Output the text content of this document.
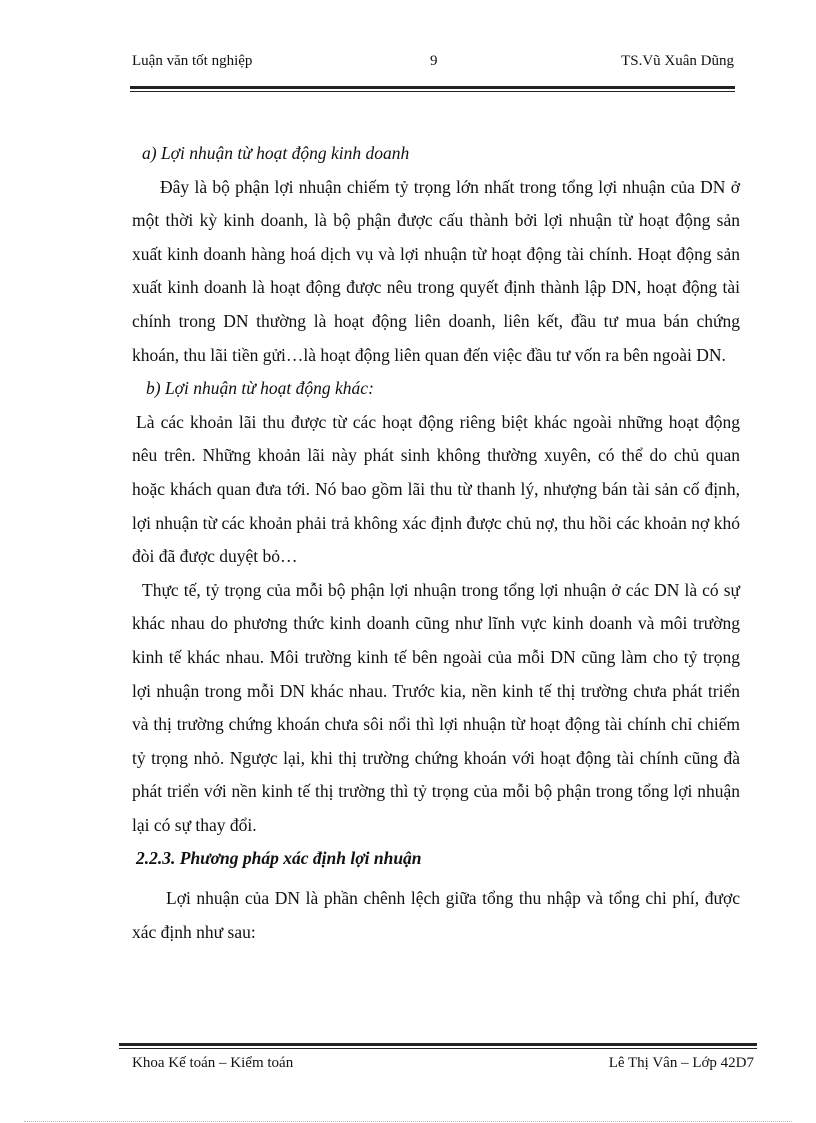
Luận văn tốt nghiệp	9	TS.Vũ Xuân Dũng

a) Lợi nhuận từ hoạt động kinh doanh

Đây là bộ phận lợi nhuận chiếm tỷ trọng lớn nhất trong tổng lợi nhuận của DN ở một thời kỳ kinh doanh, là bộ phận được cấu thành bởi lợi nhuận từ hoạt động sản xuất kinh doanh hàng hoá dịch vụ và lợi nhuận từ hoạt động tài chính. Hoạt động sản xuất kinh doanh là hoạt động được nêu trong quyết định thành lập DN, hoạt động tài chính trong DN thường là hoạt động liên doanh, liên kết, đầu tư mua bán chứng khoán, thu lãi tiền gửi…là hoạt động liên quan đến việc đầu tư vốn ra bên ngoài DN.

b) Lợi nhuận từ hoạt động khác:

Là các khoản lãi thu được từ các hoạt động riêng biệt khác ngoài những hoạt động nêu trên. Những khoản lãi này phát sinh không thường xuyên, có thể do chủ quan hoặc khách quan đưa tới. Nó bao gồm lãi thu từ thanh lý, nhượng bán tài sản cố định, lợi nhuận từ các khoản phải trả không xác định được chủ nợ, thu hồi các khoản nợ khó đòi đã được duyệt bỏ…

Thực tế, tỷ trọng của mỗi bộ phận lợi nhuận trong tổng lợi nhuận ở các DN là có sự khác nhau do phương thức kinh doanh cũng như lĩnh vực kinh doanh và môi trường kinh tế khác nhau. Môi trường kinh tế bên ngoài của mỗi DN cũng làm cho tỷ trọng lợi nhuận trong mỗi DN khác nhau. Trước kia, nền kinh tế thị trường chưa phát triển và thị trường chứng khoán chưa sôi nổi thì lợi nhuận từ hoạt động tài chính chỉ chiếm tỷ trọng nhỏ. Ngược lại, khi thị trường chứng khoán với hoạt động tài chính cũng đà phát triển với nền kinh tế thị trường thì tỷ trọng của mỗi bộ phận trong tổng lợi nhuận lại có sự thay đổi.

2.2.3. Phương pháp xác định lợi nhuận

Lợi nhuận của DN là phần chênh lệch giữa tổng thu nhập và tổng chi phí, được xác định như sau:

Khoa Kế toán – Kiểm toán	Lê Thị Vân – Lớp 42D7
